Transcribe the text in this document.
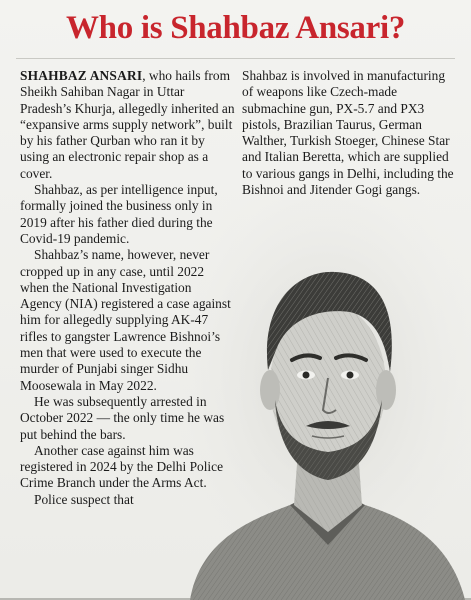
Who is Shahbaz Ansari?

SHAHBAZ ANSARI, who hails from Sheikh Sahiban Nagar in Uttar Pradesh’s Khurja, allegedly inherited an “expansive arms supply network”, built by his father Qurban who ran it by using an electronic repair shop as a cover.

Shahbaz, as per intelligence input, formally joined the business only in 2019 after his father died during the Covid-19 pandemic.

Shahbaz’s name, however, never cropped up in any case, until 2022 when the National Investigation Agency (NIA) registered a case against him for allegedly supplying AK-47 rifles to gangster Lawrence Bishnoi’s men that were used to execute the murder of Punjabi singer Sidhu Moosewala in May 2022.

He was subsequently arrested in October 2022 — the only time he was put behind the bars.

Another case against him was registered in 2024 by the Delhi Police Crime Branch under the Arms Act.

Police suspect that

Shahbaz is involved in manufacturing of weapons like Czech-made submachine gun, PX-5.7 and PX3 pistols, Brazilian Taurus, German Walther, Turkish Stoeger, Chinese Star and Italian Beretta, which are supplied to various gangs in Delhi, including the Bishnoi and Jitender Gogi gangs.
